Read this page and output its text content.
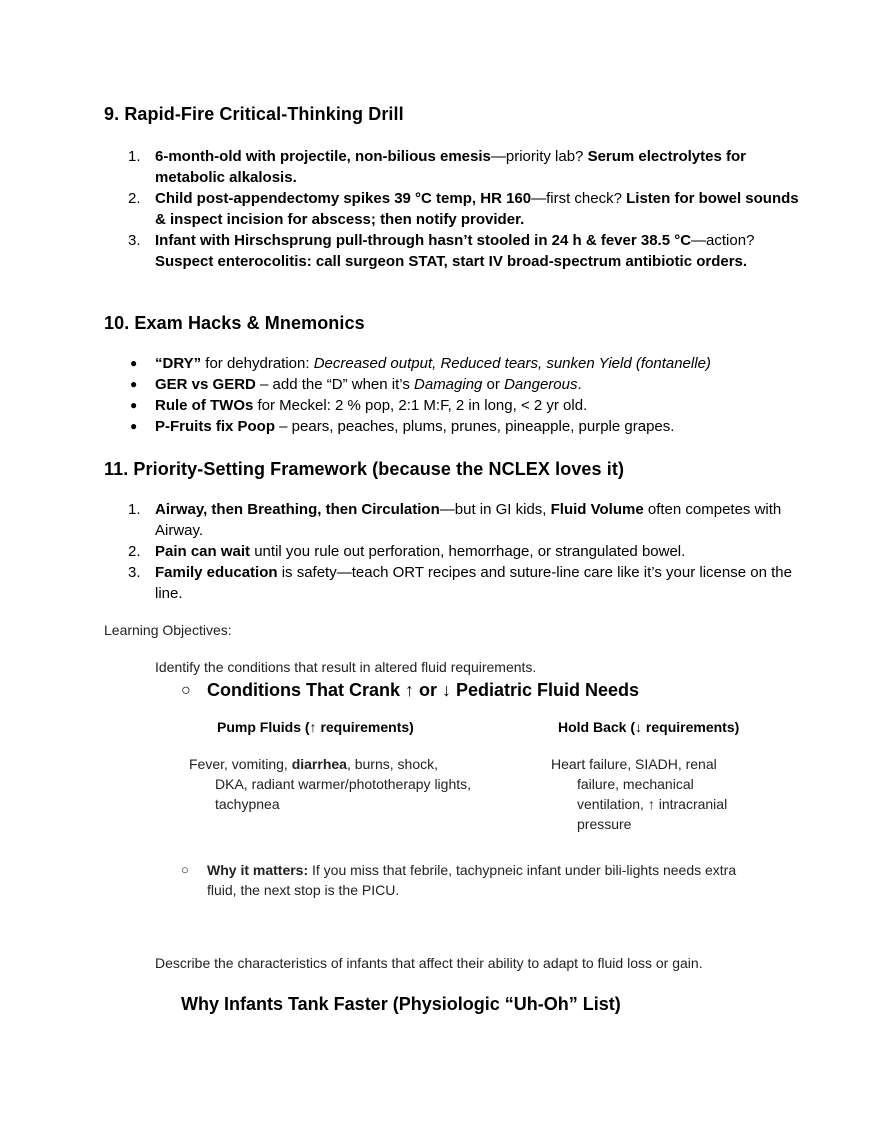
9. Rapid-Fire Critical-Thinking Drill
1. 6-month-old with projectile, non-bilious emesis—priority lab? Serum electrolytes for metabolic alkalosis.
2. Child post-appendectomy spikes 39 °C temp, HR 160—first check? Listen for bowel sounds & inspect incision for abscess; then notify provider.
3. Infant with Hirschsprung pull-through hasn’t stooled in 24 h & fever 38.5 °C—action? Suspect enterocolitis: call surgeon STAT, start IV broad-spectrum antibiotic orders.
10. Exam Hacks & Mnemonics
● “DRY” for dehydration: Decreased output, Reduced tears, sunken Yield (fontanelle)
● GER vs GERD – add the “D” when it’s Damaging or Dangerous.
● Rule of TWOs for Meckel: 2 % pop, 2:1 M:F, 2 in long, < 2 yr old.
● P-Fruits fix Poop – pears, peaches, plums, prunes, pineapple, purple grapes.
11. Priority-Setting Framework (because the NCLEX loves it)
1. Airway, then Breathing, then Circulation—but in GI kids, Fluid Volume often competes with Airway.
2. Pain can wait until you rule out perforation, hemorrhage, or strangulated bowel.
3. Family education is safety—teach ORT recipes and suture-line care like it’s your license on the line.
Learning Objectives:
Identify the conditions that result in altered fluid requirements.
○ Conditions That Crank ↑ or ↓ Pediatric Fluid Needs
Pump Fluids (↑ requirements)	Hold Back (↓ requirements)
Fever, vomiting, diarrhea, burns, shock,
DKA, radiant warmer/phototherapy lights, tachypnea
Heart failure, SIADH, renal
failure, mechanical ventilation, ↑ intracranial pressure
○	Why it matters: If you miss that febrile, tachypneic infant under bili-lights needs extra fluid, the next stop is the PICU.
Describe the characteristics of infants that affect their ability to adapt to fluid loss or gain.
Why Infants Tank Faster (Physiologic “Uh-Oh” List)
